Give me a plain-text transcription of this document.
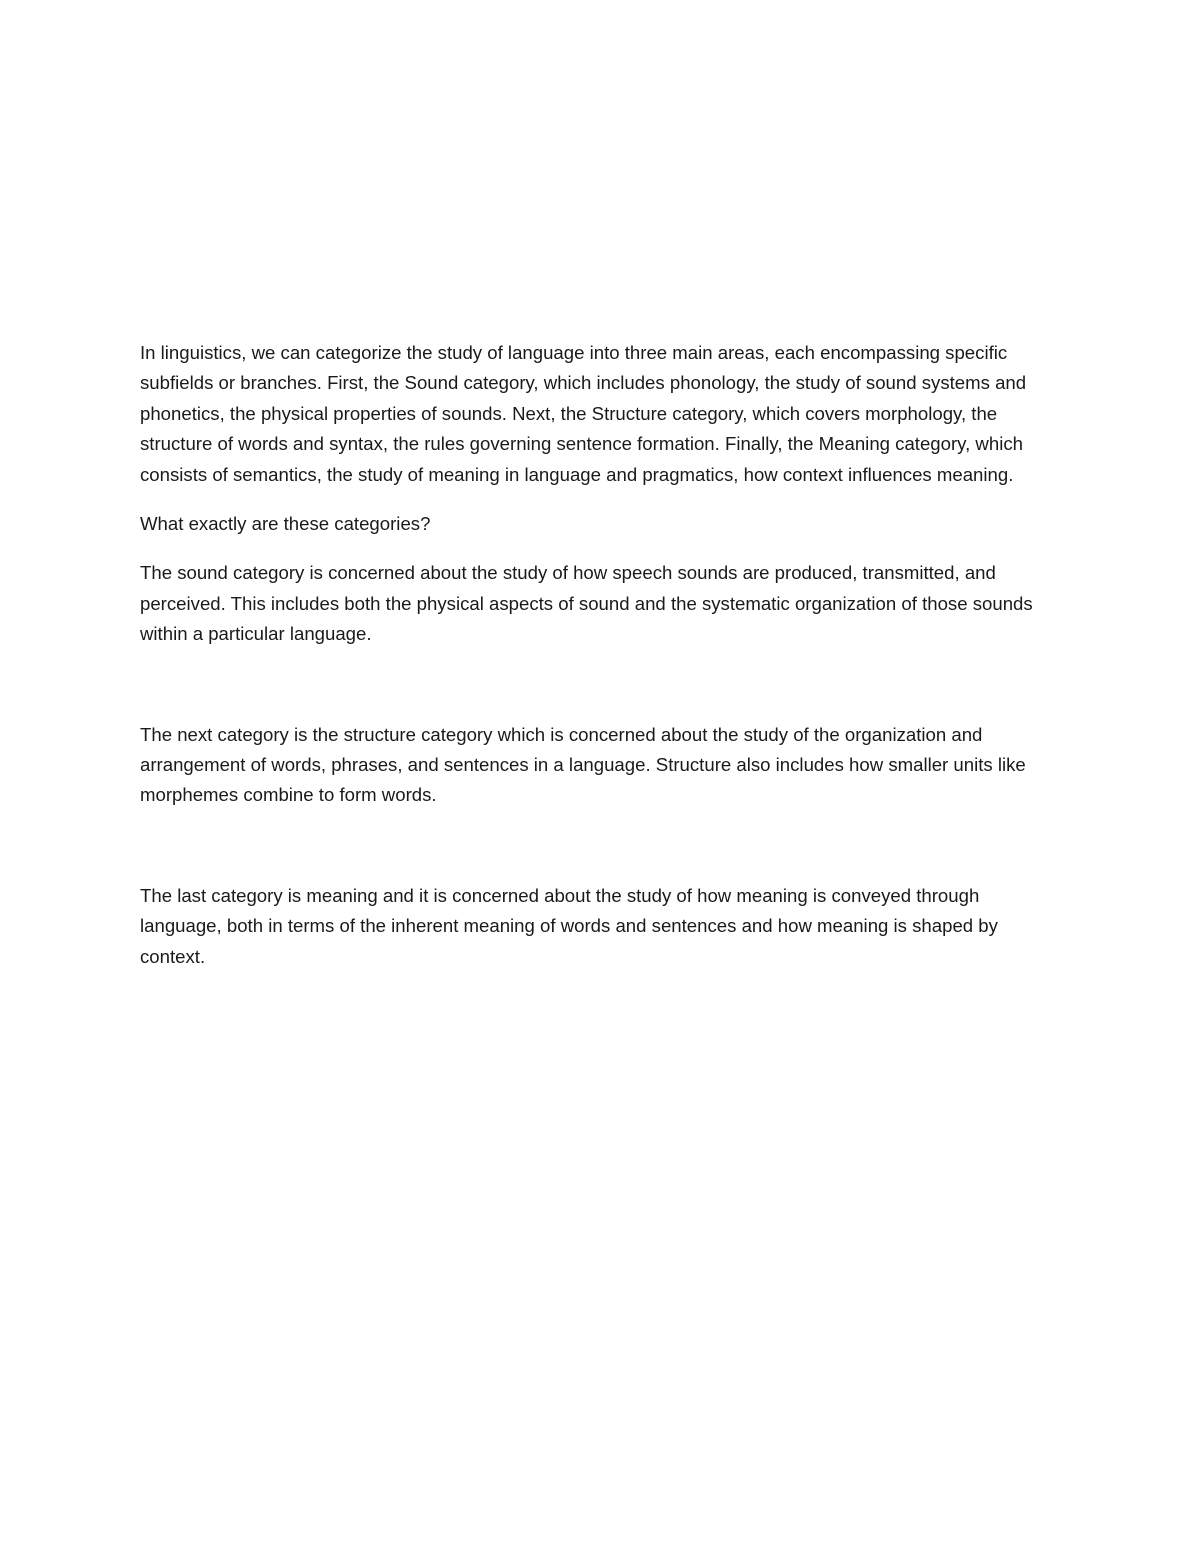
In linguistics, we can categorize the study of language into three main areas, each encompassing specific subfields or branches. First, the Sound category, which includes phonology, the study of sound systems and phonetics, the physical properties of sounds. Next, the Structure category, which covers morphology, the structure of words and syntax, the rules governing sentence formation. Finally, the Meaning category, which consists of semantics, the study of meaning in language and pragmatics, how context influences meaning.

What exactly are these categories?

The sound category is concerned about the study of how speech sounds are produced, transmitted, and perceived. This includes both the physical aspects of sound and the systematic organization of those sounds within a particular language.

The next category is the structure category which is concerned about the study of the organization and arrangement of words, phrases, and sentences in a language. Structure also includes how smaller units like morphemes combine to form words.

The last category is meaning and it is concerned about the study of how meaning is conveyed through language, both in terms of the inherent meaning of words and sentences and how meaning is shaped by context.
